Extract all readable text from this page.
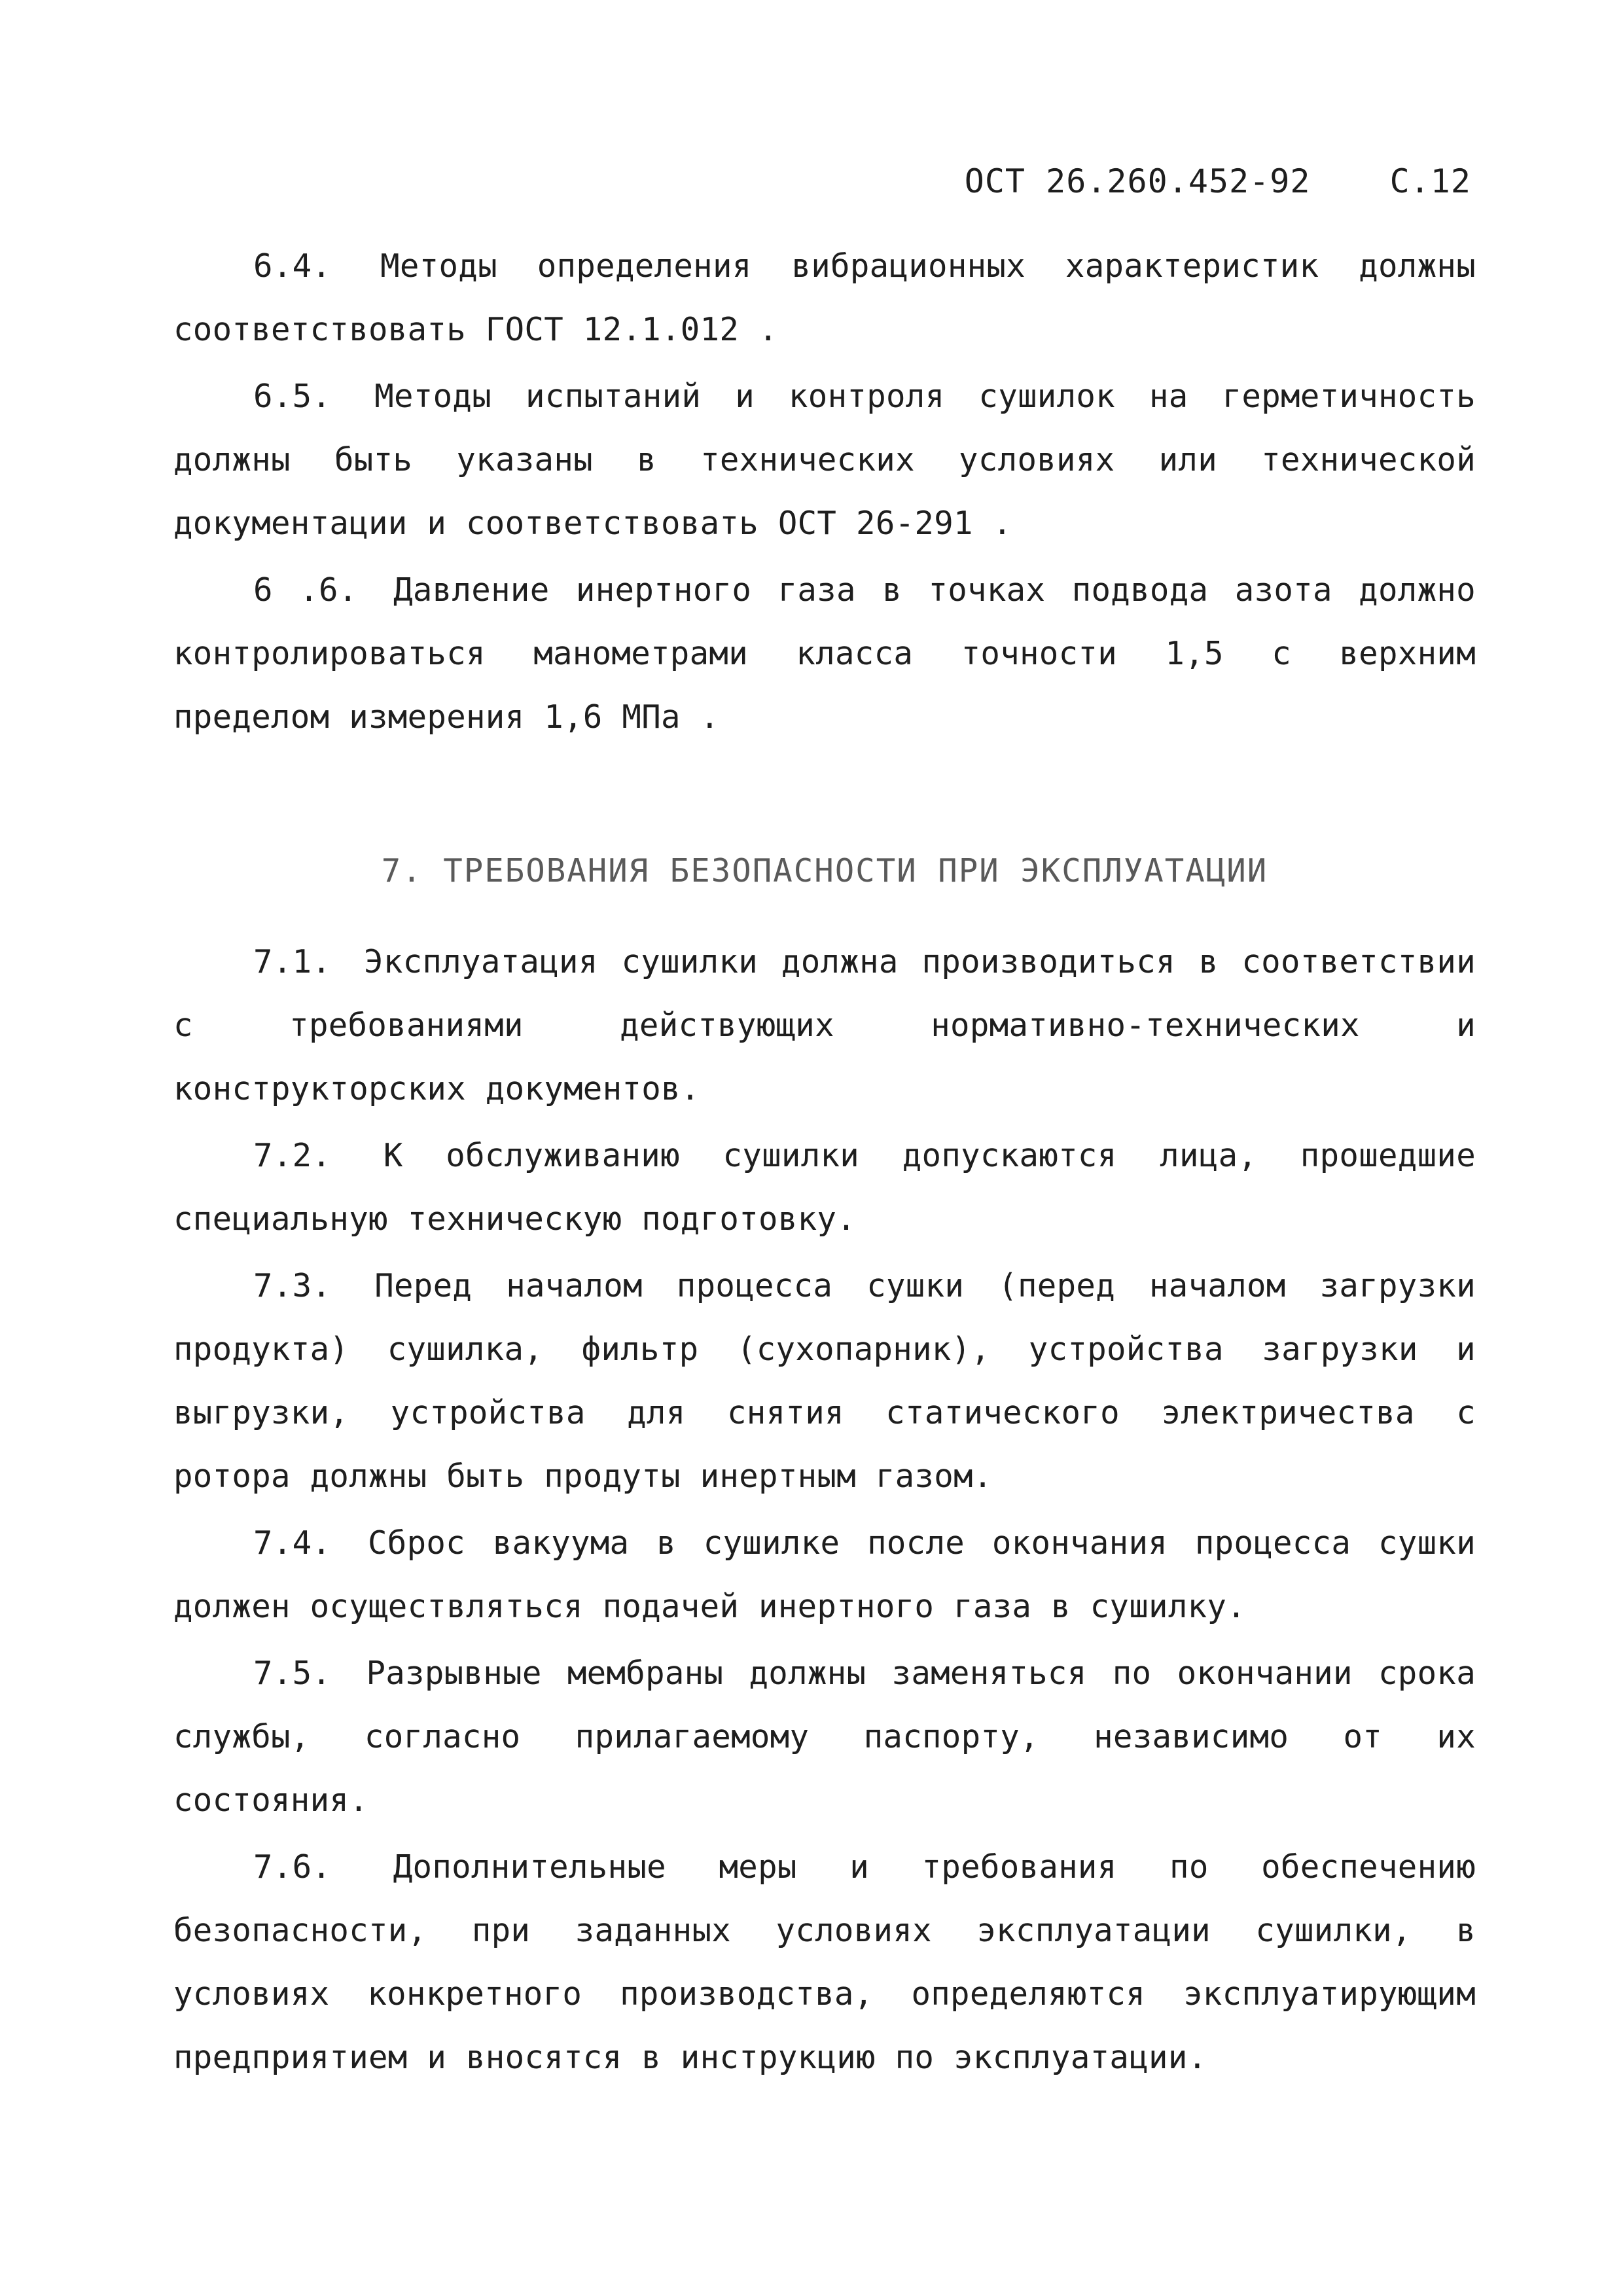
ОСТ 26.260.452-92 С.12

6.4. Методы определения вибрационных характеристик должны соответствовать ГОСТ 12.1.012 .

6.5. Методы испытаний и контроля сушилок на герметичность должны быть указаны в технических условиях или технической документации и соответствовать ОСТ 26-291 .

6 .6. Давление инертного газа в точках подвода азота должно контролироваться манометрами класса точности 1,5 с верхним пределом измерения 1,6 МПа .

7. ТРЕБОВАНИЯ БЕЗОПАСНОСТИ ПРИ ЭКСПЛУАТАЦИИ

7.1. Эксплуатация сушилки должна производиться в соответствии с требованиями действующих нормативно-технических и конструкторских документов.

7.2. К обслуживанию сушилки допускаются лица, прошедшие специальную техническую подготовку.

7.3. Перед началом процесса сушки (перед началом загрузки продукта) сушилка, фильтр (сухопарник), устройства загрузки и выгрузки, устройства для снятия статического электричества с ротора должны быть продуты инертным газом.

7.4. Сброс вакуума в сушилке после окончания процесса сушки должен осуществляться подачей инертного газа в сушилку.

7.5. Разрывные мембраны должны заменяться по окончании срока службы, согласно прилагаемому паспорту, независимо от их состояния.

7.6. Дополнительные меры и требования по обеспечению безопасности, при заданных условиях эксплуатации сушилки, в условиях конкретного производства, определяются эксплуатирующим предприятием и вносятся в инструкцию по эксплуатации.
